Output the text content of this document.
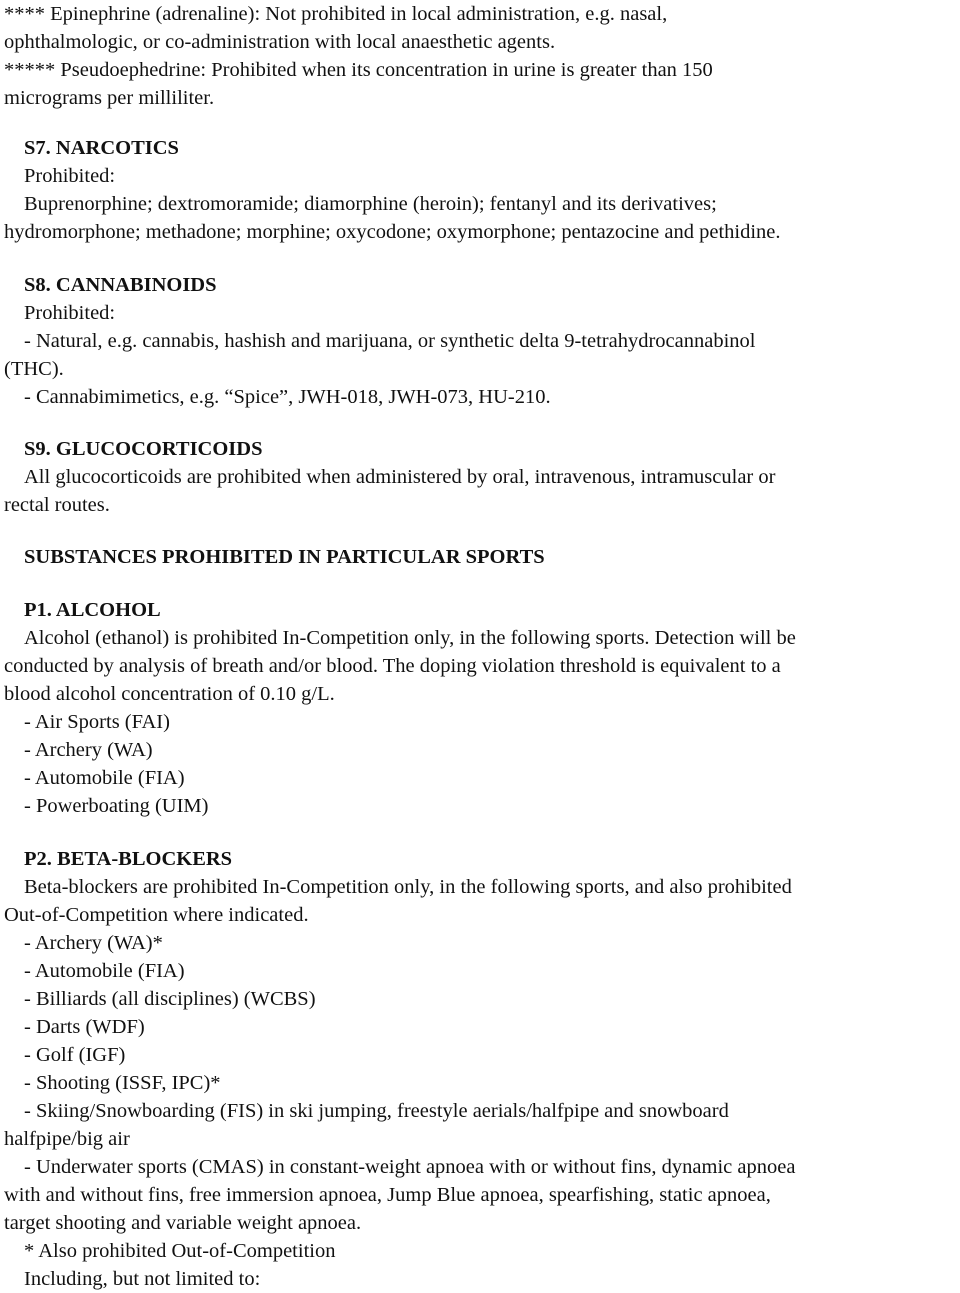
**** Epinephrine (adrenaline): Not prohibited in local administration, e.g. nasal,
ophthalmologic, or co-administration with local anaesthetic agents.
***** Pseudoephedrine: Prohibited when its concentration in urine is greater than 150
micrograms per milliliter.
S7. NARCOTICS
Prohibited:
Buprenorphine; dextromoramide; diamorphine (heroin); fentanyl and its derivatives;
hydromorphone; methadone; morphine; oxycodone; oxymorphone; pentazocine and pethidine.
S8. CANNABINOIDS
Prohibited:
- Natural, e.g. cannabis, hashish and marijuana, or synthetic delta 9-tetrahydrocannabinol
(THC).
- Cannabimimetics, e.g. “Spice”, JWH-018, JWH-073, HU-210.
S9. GLUCOCORTICOIDS
All glucocorticoids are prohibited when administered by oral, intravenous, intramuscular or
rectal routes.
SUBSTANCES PROHIBITED IN PARTICULAR SPORTS
P1. ALCOHOL
Alcohol (ethanol) is prohibited In-Competition only, in the following sports. Detection will be
conducted by analysis of breath and/or blood. The doping violation threshold is equivalent to a
blood alcohol concentration of 0.10 g/L.
- Air Sports (FAI)
- Archery (WA)
- Automobile (FIA)
- Powerboating (UIM)
P2. BETA-BLOCKERS
Beta-blockers are prohibited In-Competition only, in the following sports, and also prohibited
Out-of-Competition where indicated.
- Archery (WA)*
- Automobile (FIA)
- Billiards (all disciplines) (WCBS)
- Darts (WDF)
- Golf (IGF)
- Shooting (ISSF, IPC)*
- Skiing/Snowboarding (FIS) in ski jumping, freestyle aerials/halfpipe and snowboard
halfpipe/big air
- Underwater sports (CMAS) in constant-weight apnoea with or without fins, dynamic apnoea
with and without fins, free immersion apnoea, Jump Blue apnoea, spearfishing, static apnoea,
target shooting and variable weight apnoea.
* Also prohibited Out-of-Competition
Including, but not limited to:
